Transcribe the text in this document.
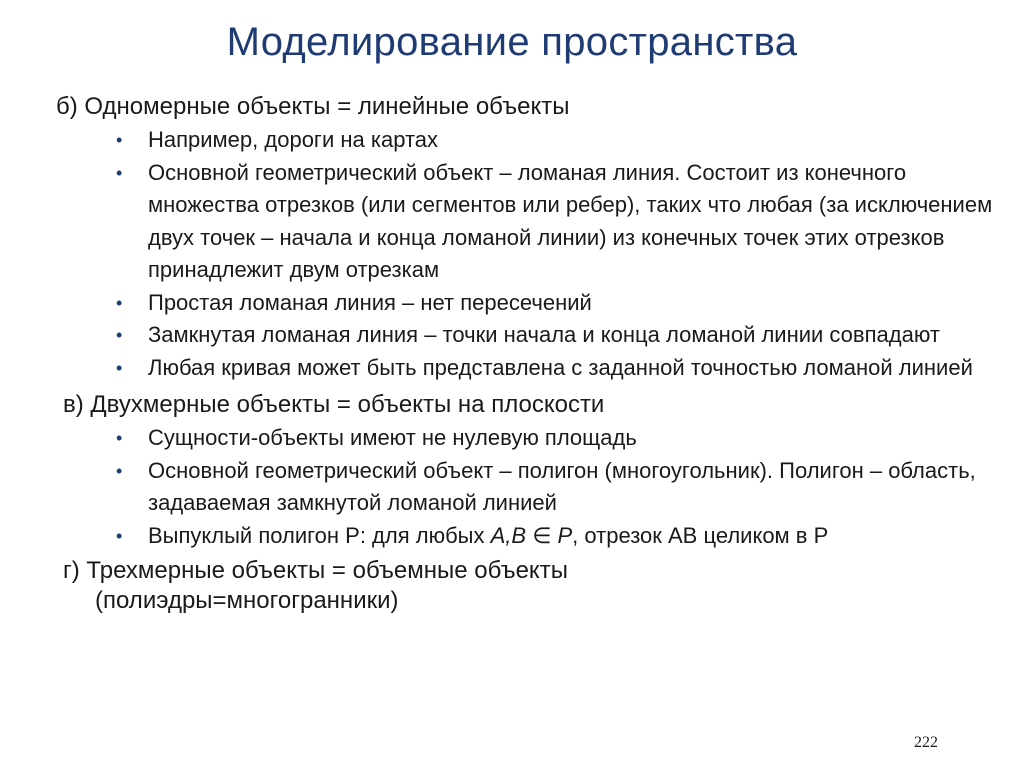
Моделирование пространства

б) Одномерные объекты = линейные объекты

• Например, дороги на картах
• Основной геометрический объект – ломаная линия. Состоит из конечного множества отрезков (или сегментов или ребер), таких что любая (за исключением двух точек – начала и конца ломаной линии) из конечных точек этих отрезков принадлежит двум отрезкам
• Простая ломаная линия – нет пересечений
• Замкнутая ломаная линия – точки начала и конца ломаной линии совпадают
• Любая кривая может быть представлена с заданной точностью ломаной линией

в) Двухмерные объекты = объекты на плоскости

• Сущности-объекты имеют не нулевую площадь
• Основной геометрический объект – полигон (многоугольник). Полигон – область, задаваемая замкнутой ломаной линией
• Выпуклый полигон P: для любых A,B ∈ P, отрезок AB целиком в P

г) Трехмерные объекты = объемные объекты
(полиэдры=многогранники)

222
